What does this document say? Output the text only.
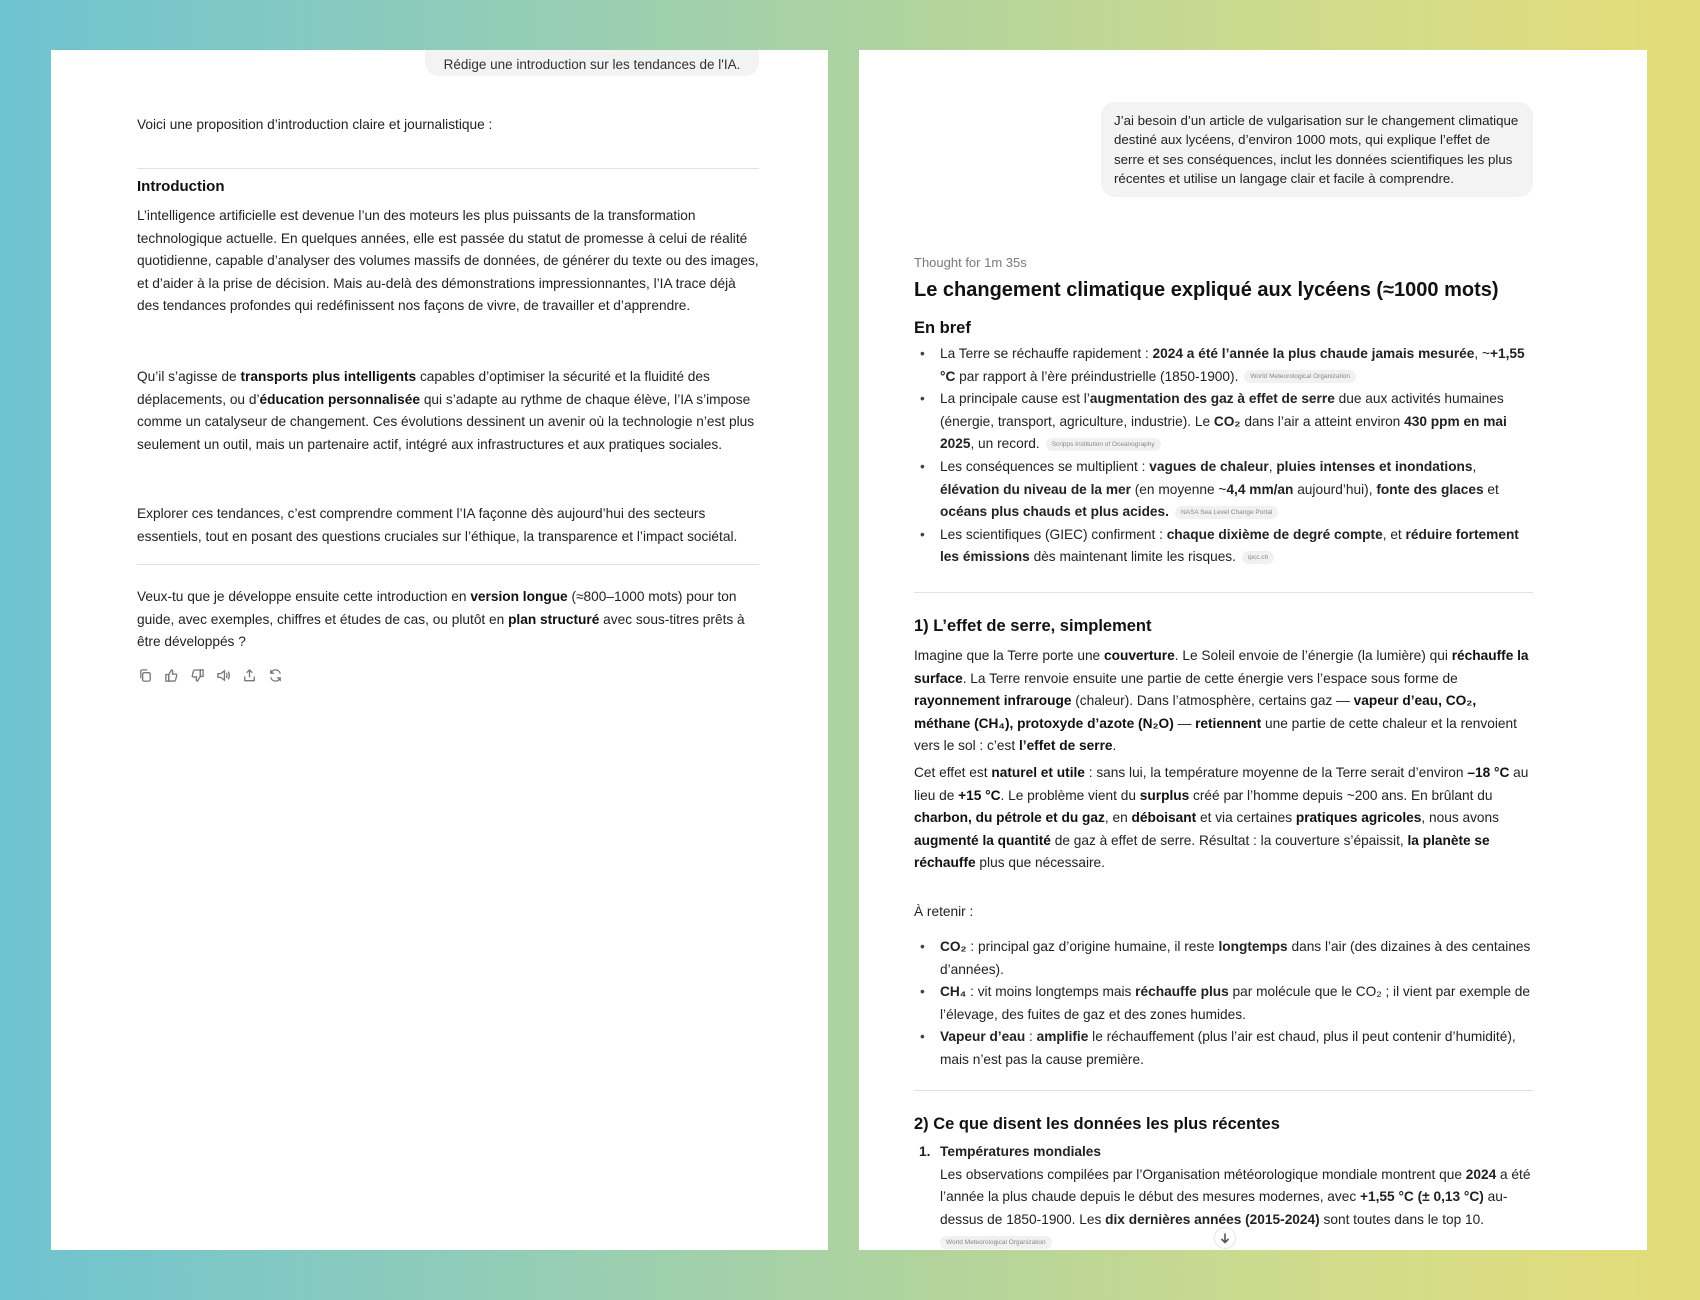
Rédige une introduction sur les tendances de l'IA.
Voici une proposition d’introduction claire et journalistique :
Introduction
L’intelligence artificielle est devenue l’un des moteurs les plus puissants de la transformation technologique actuelle. En quelques années, elle est passée du statut de promesse à celui de réalité quotidienne, capable d’analyser des volumes massifs de données, de générer du texte ou des images, et d’aider à la prise de décision. Mais au-delà des démonstrations impressionnantes, l’IA trace déjà des tendances profondes qui redéfinissent nos façons de vivre, de travailler et d’apprendre.
Qu’il s’agisse de transports plus intelligents capables d’optimiser la sécurité et la fluidité des déplacements, ou d’éducation personnalisée qui s’adapte au rythme de chaque élève, l’IA s’impose comme un catalyseur de changement. Ces évolutions dessinent un avenir où la technologie n’est plus seulement un outil, mais un partenaire actif, intégré aux infrastructures et aux pratiques sociales.
Explorer ces tendances, c’est comprendre comment l’IA façonne dès aujourd’hui des secteurs essentiels, tout en posant des questions cruciales sur l’éthique, la transparence et l’impact sociétal.
Veux-tu que je développe ensuite cette introduction en version longue (≈800–1000 mots) pour ton guide, avec exemples, chiffres et études de cas, ou plutôt en plan structuré avec sous-titres prêts à être développés ?
J’ai besoin d’un article de vulgarisation sur le changement climatique destiné aux lycéens, d’environ 1000 mots, qui explique l’effet de serre et ses conséquences, inclut les données scientifiques les plus récentes et utilise un langage clair et facile à comprendre.
Thought for 1m 35s
Le changement climatique expliqué aux lycéens (≈1000 mots)
En bref
• La Terre se réchauffe rapidement : 2024 a été l’année la plus chaude jamais mesurée, ~+1,55 °C par rapport à l’ère préindustrielle (1850-1900). World Meteorological Organization
• La principale cause est l’augmentation des gaz à effet de serre due aux activités humaines (énergie, transport, agriculture, industrie). Le CO₂ dans l’air a atteint environ 430 ppm en mai 2025, un record. Scripps Institution of Oceanography
• Les conséquences se multiplient : vagues de chaleur, pluies intenses et inondations, élévation du niveau de la mer (en moyenne ~4,4 mm/an aujourd’hui), fonte des glaces et océans plus chauds et plus acides. NASA Sea Level Change Portal
• Les scientifiques (GIEC) confirment : chaque dixième de degré compte, et réduire fortement les émissions dès maintenant limite les risques. ipcc.ch
1) L’effet de serre, simplement
Imagine que la Terre porte une couverture. Le Soleil envoie de l’énergie (la lumière) qui réchauffe la surface. La Terre renvoie ensuite une partie de cette énergie vers l’espace sous forme de rayonnement infrarouge (chaleur). Dans l’atmosphère, certains gaz — vapeur d’eau, CO₂, méthane (CH₄), protoxyde d’azote (N₂O) — retiennent une partie de cette chaleur et la renvoient vers le sol : c’est l’effet de serre.
Cet effet est naturel et utile : sans lui, la température moyenne de la Terre serait d’environ –18 °C au lieu de +15 °C. Le problème vient du surplus créé par l’homme depuis ~200 ans. En brûlant du charbon, du pétrole et du gaz, en déboisant et via certaines pratiques agricoles, nous avons augmenté la quantité de gaz à effet de serre. Résultat : la couverture s’épaissit, la planète se réchauffe plus que nécessaire.
À retenir :
• CO₂ : principal gaz d’origine humaine, il reste longtemps dans l’air (des dizaines à des centaines d’années).
• CH₄ : vit moins longtemps mais réchauffe plus par molécule que le CO₂ ; il vient par exemple de l’élevage, des fuites de gaz et des zones humides.
• Vapeur d’eau : amplifie le réchauffement (plus l’air est chaud, plus il peut contenir d’humidité), mais n’est pas la cause première.
2) Ce que disent les données les plus récentes
1. Températures mondiales
Les observations compilées par l’Organisation météorologique mondiale montrent que 2024 a été l’année la plus chaude depuis le début des mesures modernes, avec +1,55 °C (± 0,13 °C) au-dessus de 1850-1900. Les dix dernières années (2015-2024) sont toutes dans le top 10.
World Meteorological Organization
